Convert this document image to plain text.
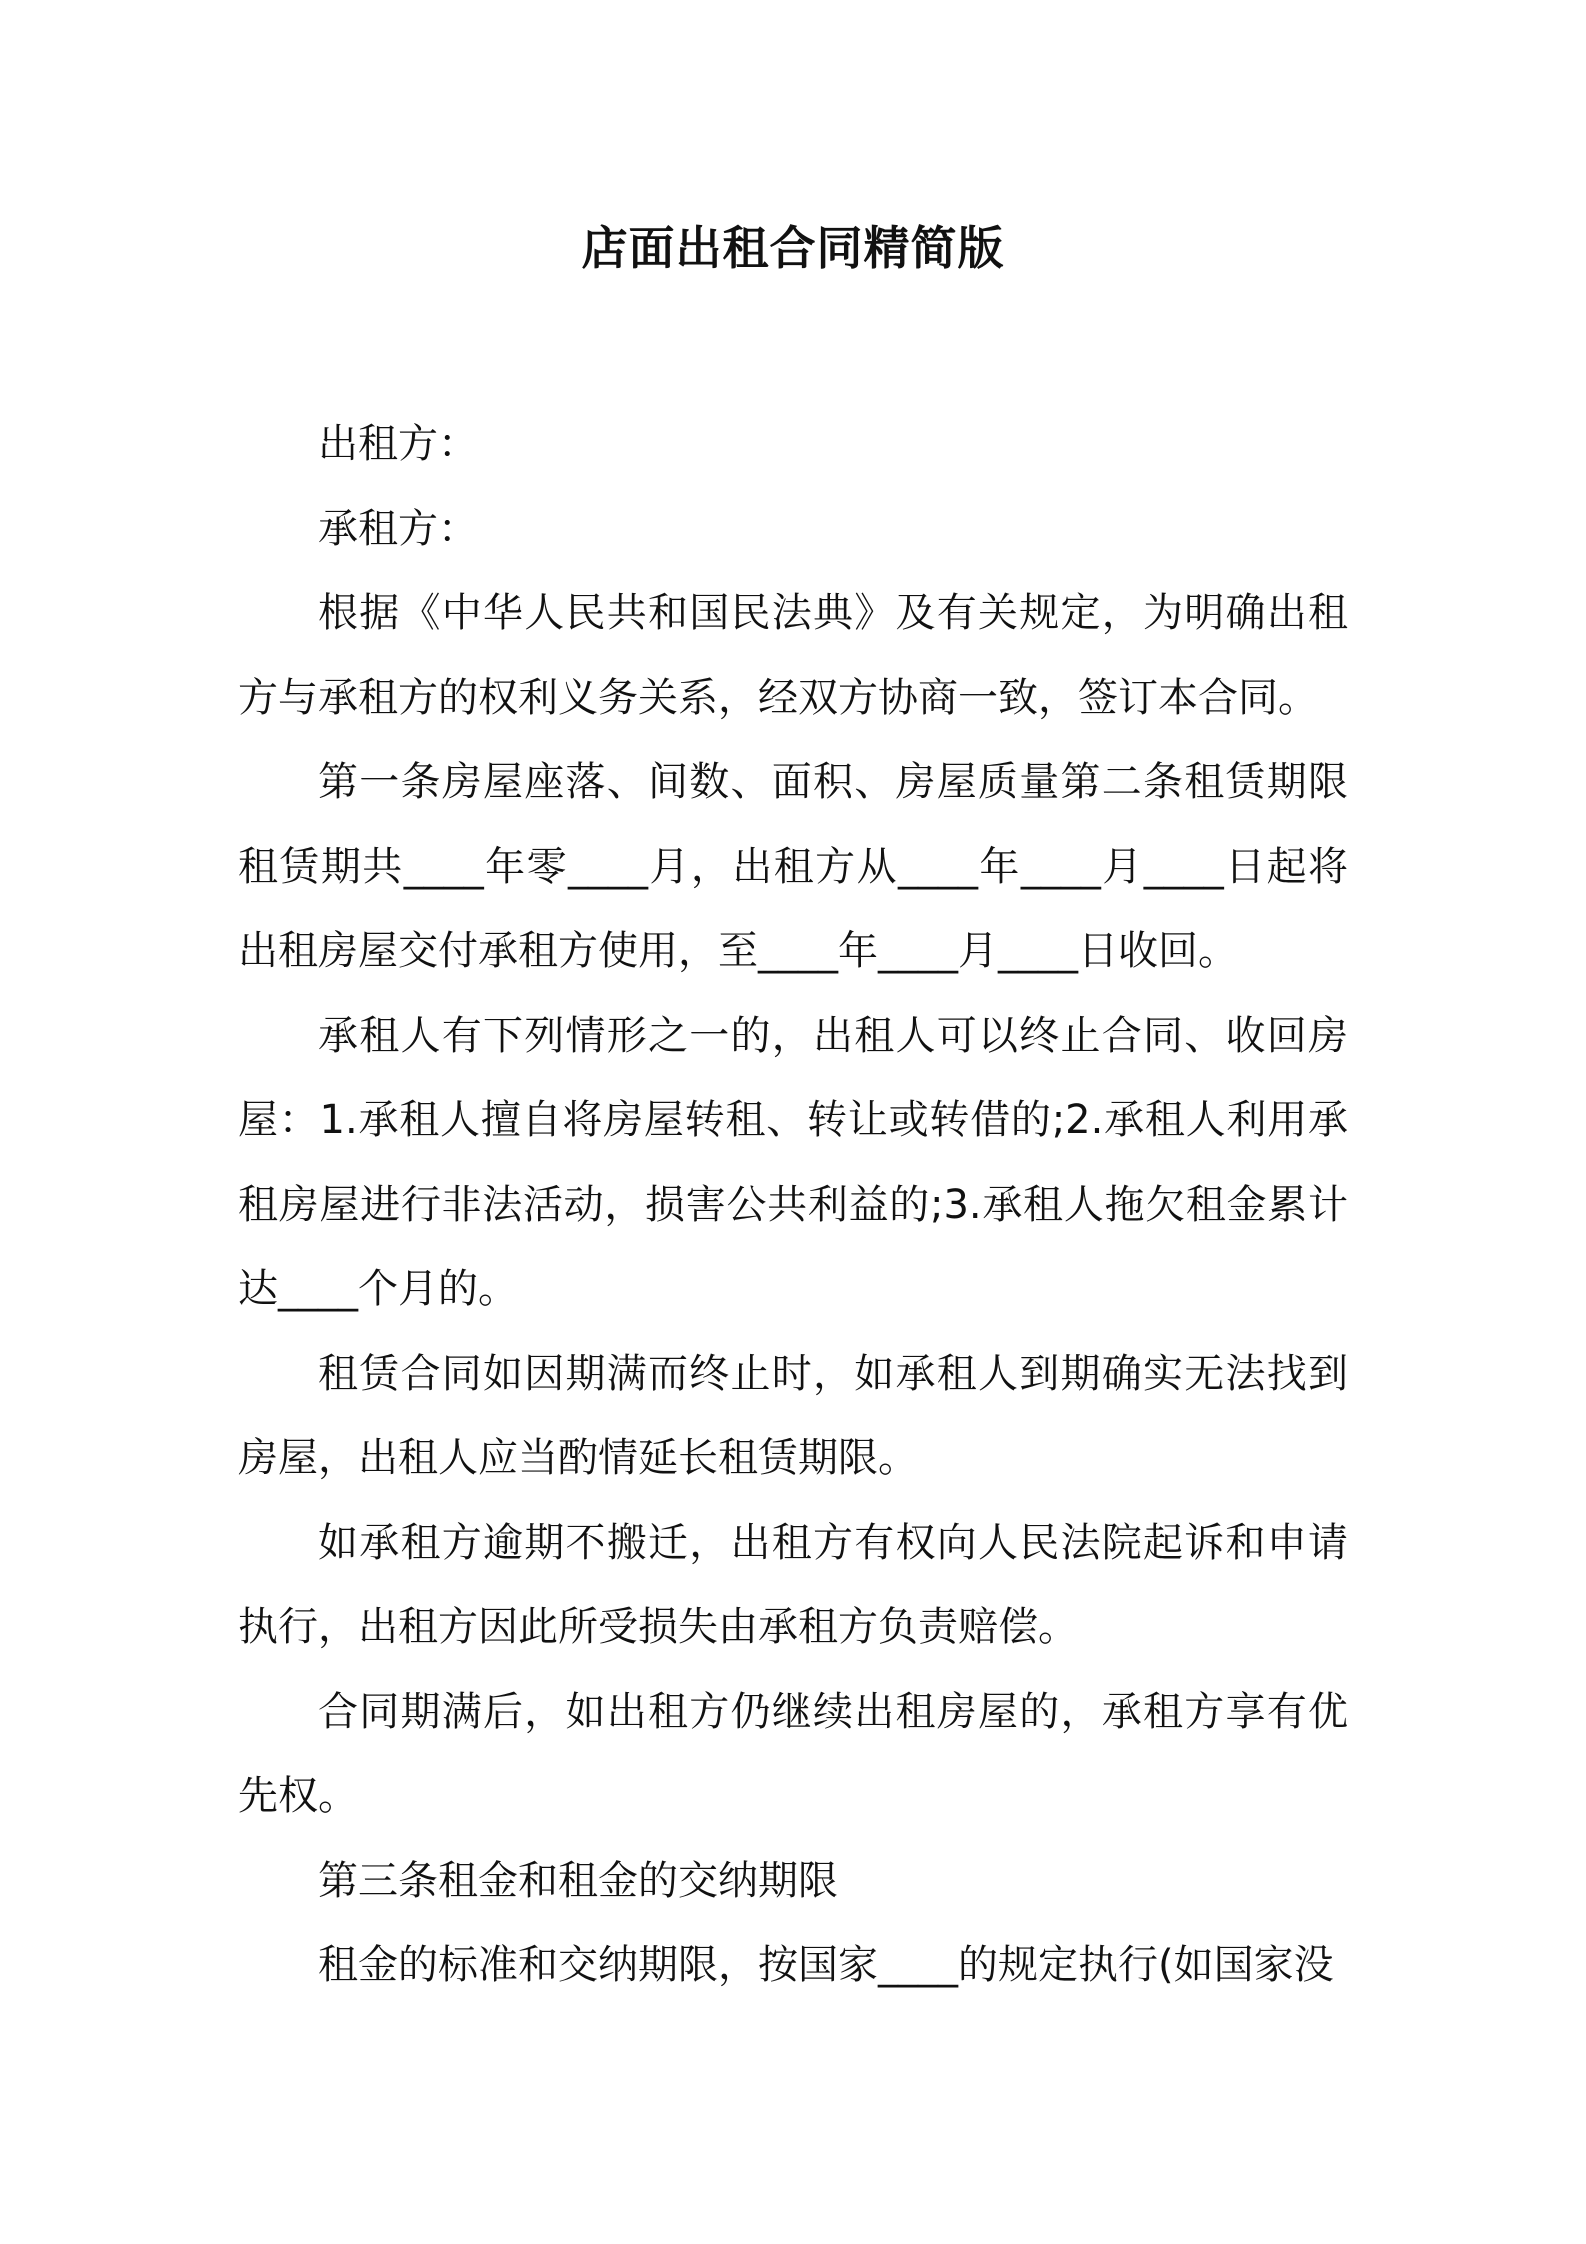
店面出租合同精简版

出租方：

承租方：

根据《中华人民共和国民法典》及有关规定，为明确出租方与承租方的权利义务关系，经双方协商一致，签订本合同。

第一条房屋座落、间数、面积、房屋质量第二条租赁期限租赁期共____年零____月，出租方从____年____月____日起将出租房屋交付承租方使用，至____年____月____日收回。

承租人有下列情形之一的，出租人可以终止合同、收回房屋：1.承租人擅自将房屋转租、转让或转借的;2.承租人利用承租房屋进行非法活动，损害公共利益的;3.承租人拖欠租金累计达____个月的。

租赁合同如因期满而终止时，如承租人到期确实无法找到房屋，出租人应当酌情延长租赁期限。

如承租方逾期不搬迁，出租方有权向人民法院起诉和申请执行，出租方因此所受损失由承租方负责赔偿。

合同期满后，如出租方仍继续出租房屋的，承租方享有优先权。

第三条租金和租金的交纳期限

租金的标准和交纳期限，按国家____的规定执行(如国家没
